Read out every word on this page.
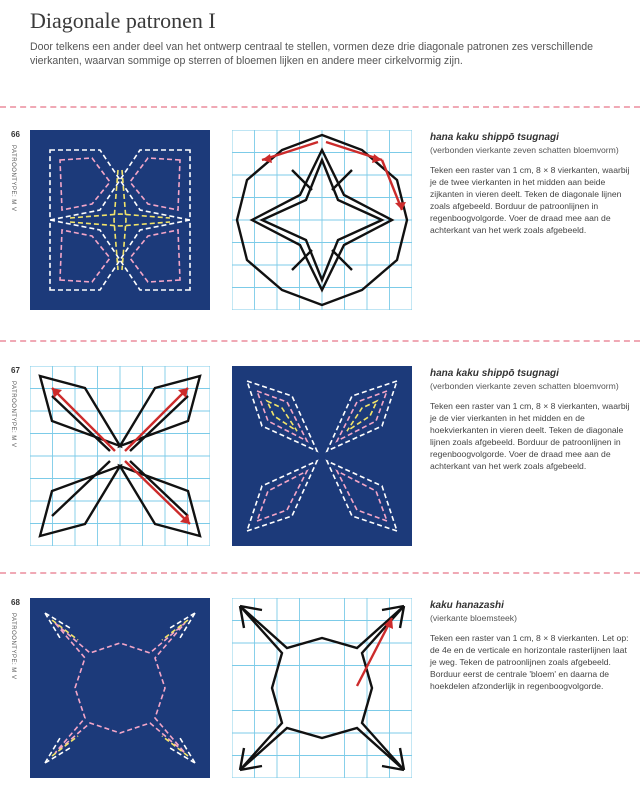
Diagonale patronen I
Door telkens een ander deel van het ontwerp centraal te stellen, vormen deze drie diagonale patronen zes verschillende vierkanten, waarvan sommige op sterren of bloemen lijken en andere meer cirkelvormig zijn.
66
PATROONTYPE: M V

hana kaku shippō tsugnagi

(verbonden vierkante zeven schatten bloemvorm)
Teken een raster van 1 cm, 8 × 8 vierkanten, waarbij je de twee vierkanten in het midden aan beide zijkanten in vieren deelt. Teken de diagonale lijnen zoals afgebeeld. Borduur de patroonlijnen in regenboogvolgorde. Voer de draad mee aan de achterkant van het werk zoals afgebeeld.
67
PATROONTYPE: M V

hana kaku shippō tsugnagi

(verbonden vierkante zeven schatten bloemvorm)
Teken een raster van 1 cm, 8 × 8 vierkanten, waarbij je de vier vierkanten in het midden en de hoekvierkanten in vieren deelt. Teken de diagonale lijnen zoals afgebeeld. Borduur de patroonlijnen in regenboogvolgorde. Voer de draad mee aan de achterkant van het werk zoals afgebeeld.
68
PATROONTYPE: M V

kaku hanazashi

(vierkante bloemsteek)
Teken een raster van 1 cm, 8 × 8 vierkanten. Let op: de 4e en de verticale en horizontale rasterlijnen laat je weg. Teken de patroonlijnen zoals afgebeeld. Borduur eerst de centrale 'bloem' en daarna de hoekdelen afzonderlijk in regenboogvolgorde.
